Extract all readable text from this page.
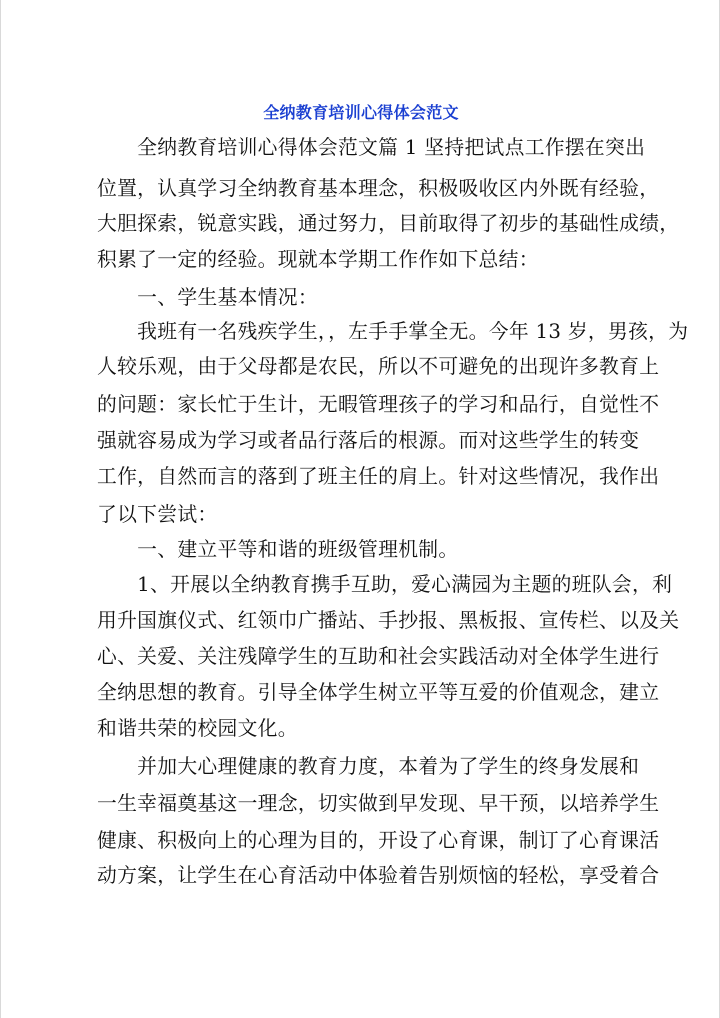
全纳教育培训心得体会范文
　　全纳教育培训心得体会范文篇 1 坚持把试点工作摆在突出
位置，认真学习全纳教育基本理念，积极吸收区内外既有经验，
大胆探索，锐意实践，通过努力，目前取得了初步的基础性成绩，
积累了一定的经验。现就本学期工作作如下总结：
　　一、学生基本情况：
　　我班有一名残疾学生，，左手手掌全无。今年 13 岁，男孩，为
人较乐观，由于父母都是农民，所以不可避免的出现许多教育上
的问题：家长忙于生计，无暇管理孩子的学习和品行，自觉性不
强就容易成为学习或者品行落后的根源。而对这些学生的转变
工作，自然而言的落到了班主任的肩上。针对这些情况，我作出
了以下尝试：
　　一、建立平等和谐的班级管理机制。
　　1、开展以全纳教育携手互助，爱心满园为主题的班队会，利
用升国旗仪式、红领巾广播站、手抄报、黑板报、宣传栏、以及关
心、关爱、关注残障学生的互助和社会实践活动对全体学生进行
全纳思想的教育。引导全体学生树立平等互爱的价值观念，建立
和谐共荣的校园文化。
　　并加大心理健康的教育力度，本着为了学生的终身发展和
一生幸福奠基这一理念，切实做到早发现、早干预，以培养学生
健康、积极向上的心理为目的，开设了心育课，制订了心育课活
动方案，让学生在心育活动中体验着告别烦恼的轻松，享受着合
